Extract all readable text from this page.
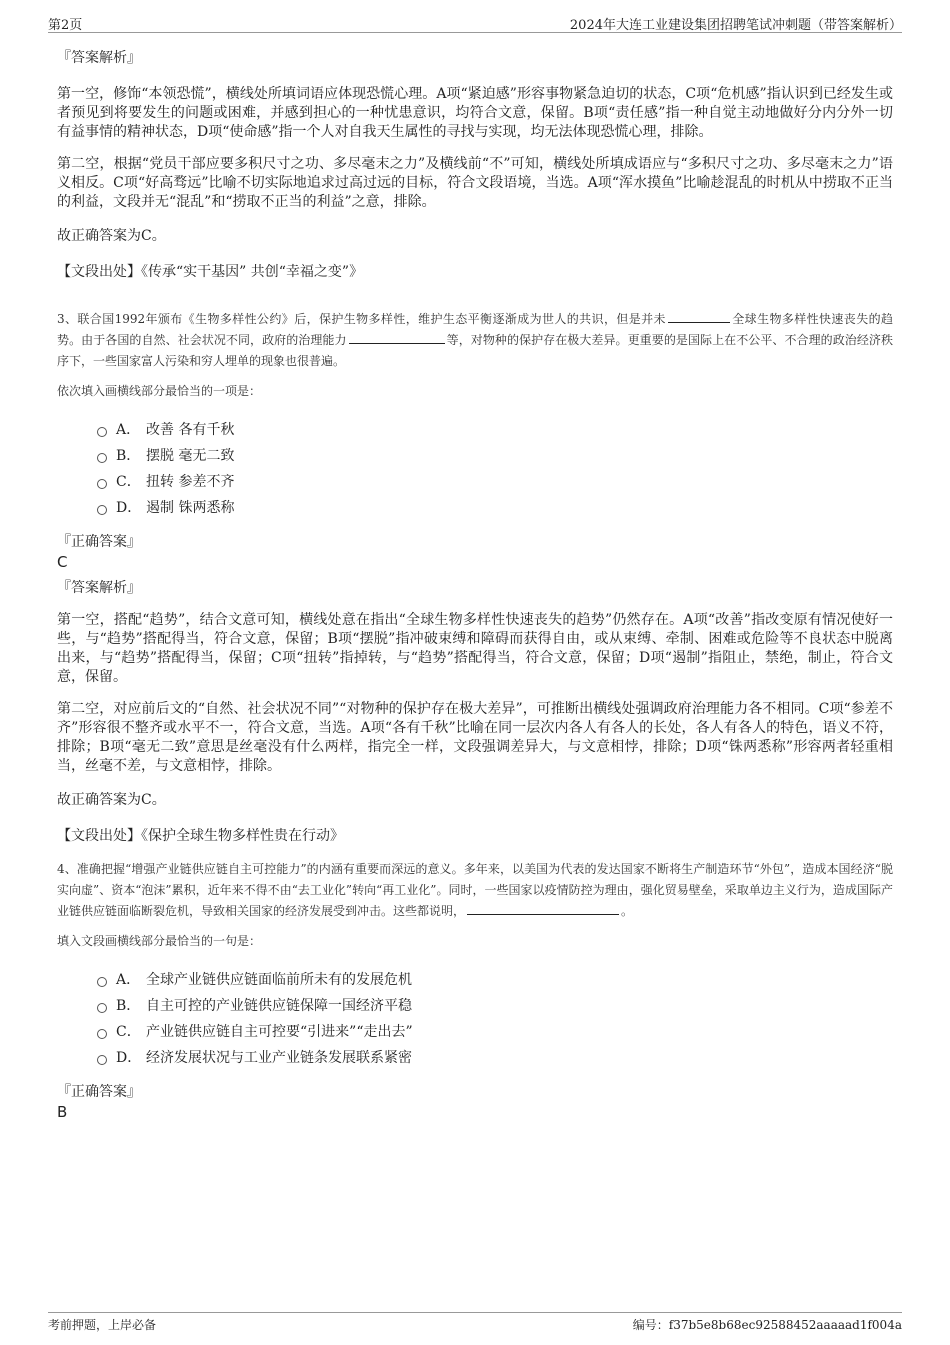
第2页	2024年大连工业建设集团招聘笔试冲刺题（带答案解析）
『答案解析』

第一空，修饰“本领恐慌”，横线处所填词语应体现恐慌心理。A项“紧迫感”形容事物紧急迫切的状态，C项“危机感”指认识到已经发生或者预见到将要发生的问题或困难，并感到担心的一种忧患意识，均符合文意，保留。B项“责任感”指一种自觉主动地做好分内分外一切有益事情的精神状态，D项“使命感”指一个人对自我天生属性的寻找与实现，均无法体现恐慌心理，排除。

第二空，根据“党员干部应要多积尺寸之功、多尽毫末之力”及横线前“不”可知，横线处所填成语应与“多积尺寸之功、多尽毫末之力”语义相反。C项“好高骛远”比喻不切实际地追求过高过远的目标，符合文段语境，当选。A项“浑水摸鱼”比喻趁混乱的时机从中捞取不正当的利益，文段并无“混乱”和“捞取不正当的利益”之意，排除。

故正确答案为C。
【文段出处】《传承“实干基因” 共创“幸福之变”》

3、联合国1992年颁布《生物多样性公约》后，保护生物多样性，维护生态平衡逐渐成为世人的共识，但是并未	全球生物多样性快速丧失的趋势。由于各国的自然、社会状况不同，政府的治理能力	等，对物种的保护存在极大差异。更重要的是国际上在不公平、不合理的政治经济秩序下，一些国家富人污染和穷人埋单的现象也很普遍。

依次填入画横线部分最恰当的一项是：
A． 改善 各有千秋
B． 摆脱 毫无二致
C． 扭转 参差不齐
D． 遏制 铢两悉称
『正确答案』
C
『答案解析』

第一空，搭配“趋势”，结合文意可知，横线处意在指出“全球生物多样性快速丧失的趋势”仍然存在。A项“改善”指改变原有情况使好一些，与“趋势”搭配得当，符合文意，保留；B项“摆脱”指冲破束缚和障碍而获得自由，或从束缚、牵制、困难或危险等不良状态中脱离出来，与“趋势”搭配得当，保留；C项“扭转”指掉转，与“趋势”搭配得当，符合文意，保留；D项“遏制”指阻止，禁绝，制止，符合文意，保留。

第二空，对应前后文的“自然、社会状况不同”“对物种的保护存在极大差异”，可推断出横线处强调政府治理能力各不相同。C项“参差不齐”形容很不整齐或水平不一，符合文意，当选。A项“各有千秋”比喻在同一层次内各人有各人的长处，各人有各人的特色，语义不符，排除；B项“毫无二致”意思是丝毫没有什么两样，指完全一样，文段强调差异大，与文意相悖，排除；D项“铢两悉称”形容两者轻重相当，丝毫不差，与文意相悖，排除。

故正确答案为C。
【文段出处】《保护全球生物多样性贵在行动》

4、准确把握“增强产业链供应链自主可控能力”的内涵有重要而深远的意义。多年来，以美国为代表的发达国家不断将生产制造环节“外包”，造成本国经济“脱实向虚”、资本“泡沫”累积，近年来不得不由“去工业化”转向“再工业化”。同时，一些国家以疫情防控为理由，强化贸易壁垒，采取单边主义行为，造成国际产业链供应链面临断裂危机，导致相关国家的经济发展受到冲击。这些都说明，	。

填入文段画横线部分最恰当的一句是：
A． 全球产业链供应链面临前所未有的发展危机
B． 自主可控的产业链供应链保障一国经济平稳
C． 产业链供应链自主可控要“引进来”“走出去”
D． 经济发展状况与工业产业链条发展联系紧密
『正确答案』
B
考前押题，上岸必备	编号：f37b5e8b68ec92588452aaaaad1f004a
